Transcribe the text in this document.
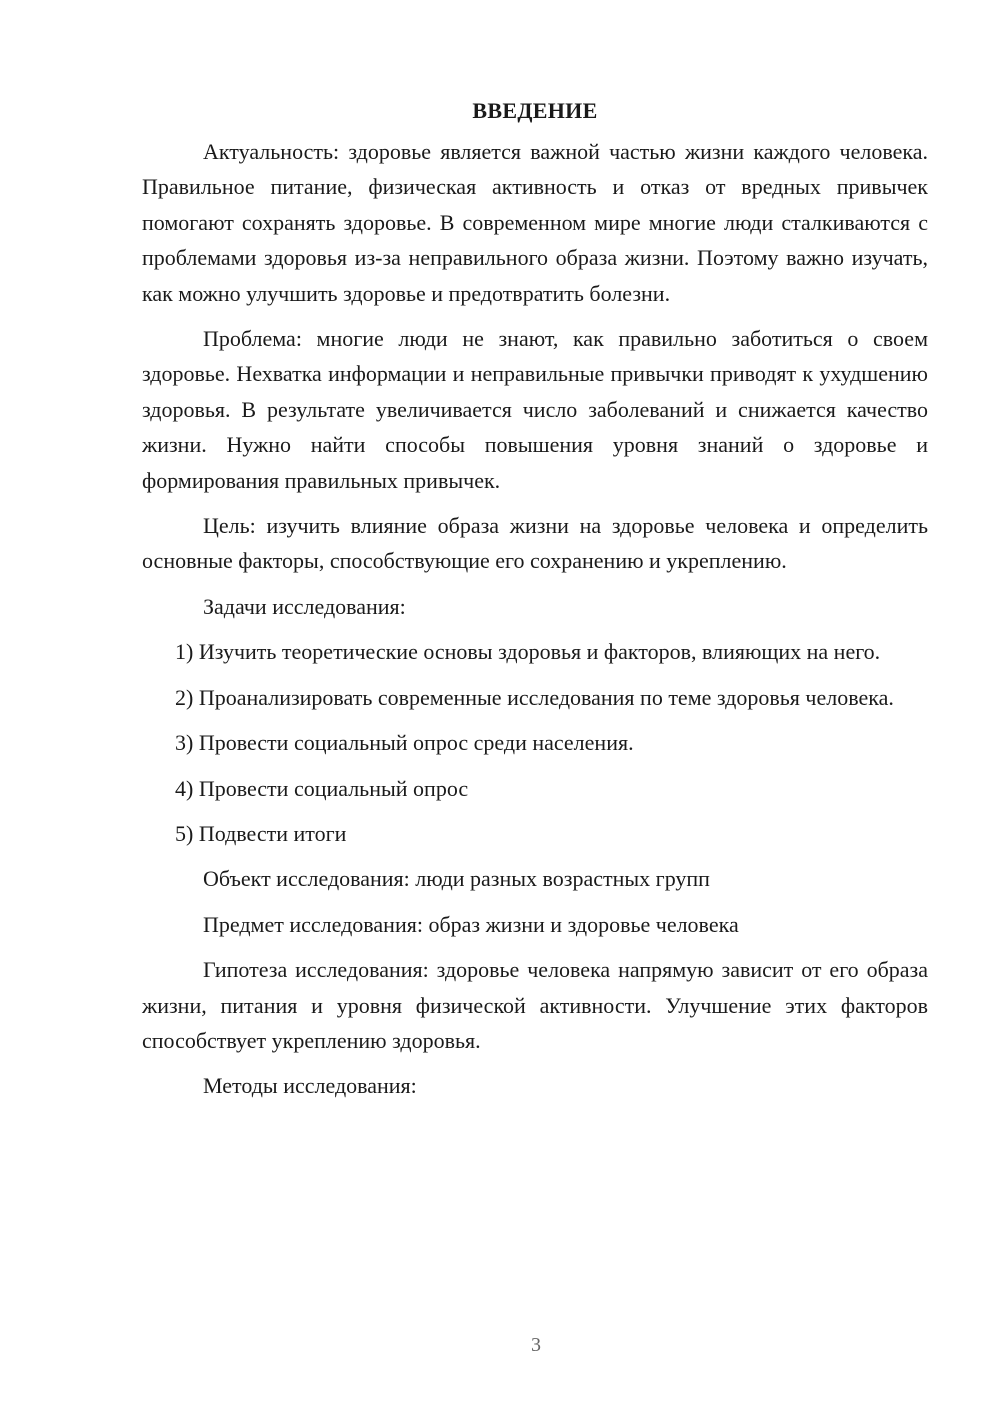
ВВЕДЕНИЕ

Актуальность: здоровье является важной частью жизни каждого человека. Правильное питание, физическая активность и отказ от вредных привычек помогают сохранять здоровье. В современном мире многие люди сталкиваются с проблемами здоровья из-за неправильного образа жизни. Поэтому важно изучать, как можно улучшить здоровье и предотвратить болезни.

Проблема: многие люди не знают, как правильно заботиться о своем здоровье. Нехватка информации и неправильные привычки приводят к ухудшению здоровья. В результате увеличивается число заболеваний и снижается качество жизни. Нужно найти способы повышения уровня знаний о здоровье и формирования правильных привычек.

Цель: изучить влияние образа жизни на здоровье человека и определить основные факторы, способствующие его сохранению и укреплению.

Задачи исследования:

1) Изучить теоретические основы здоровья и факторов, влияющих на него.

2) Проанализировать современные исследования по теме здоровья человека.

3) Провести социальный опрос среди населения.

4) Провести социальный опрос

5) Подвести итоги

Объект исследования: люди разных возрастных групп

Предмет исследования: образ жизни и здоровье человека

Гипотеза исследования: здоровье человека напрямую зависит от его образа жизни, питания и уровня физической активности. Улучшение этих факторов способствует укреплению здоровья.

Методы исследования:

3
